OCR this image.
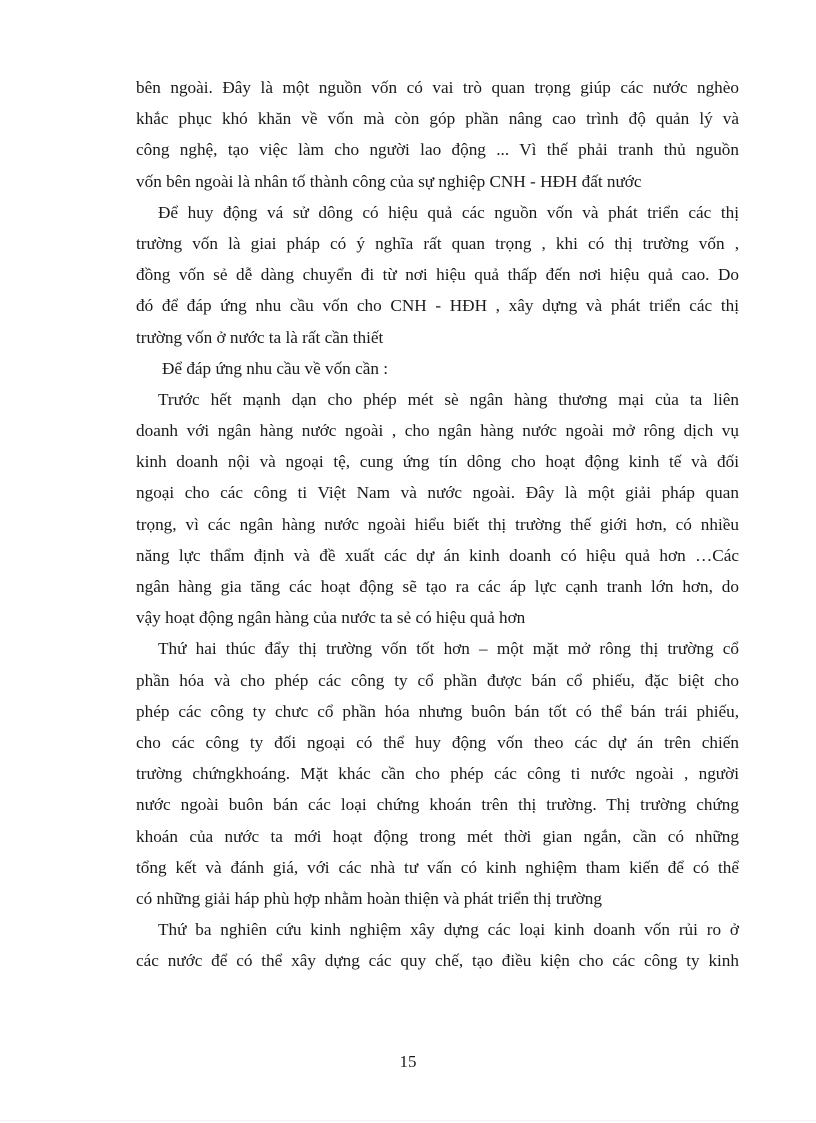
bên ngoài. Đây là một nguồn vốn có vai trò quan trọng giúp các nước nghèo
khắc phục khó khăn về vốn mà còn góp phần nâng cao trình độ quản lý và
công nghệ, tạo việc làm cho người lao động ... Vì thế phải tranh thủ nguồn
vốn bên ngoài là nhân tố thành công của sự nghiệp CNH - HĐH đất nước
Để huy động vá sử dông có hiệu quả các nguồn vốn và phát triển các thị
trường vốn là giai pháp có ý nghĩa rất quan trọng , khi có thị trường vốn ,
đồng vốn sẻ dễ dàng chuyển đi từ nơi hiệu quả thấp đến nơi hiệu quả cao. Do
đó để đáp ứng nhu cầu vốn cho CNH - HĐH , xây dựng và phát triển các thị
trường vốn ở nước ta là rất cần thiết
Để đáp ứng nhu cầu về vốn cần :
Trước hết mạnh dạn cho phép mét sè ngân hàng thương mại của ta liên
doanh với ngân hàng nước ngoài , cho ngân hàng nước ngoài mở rông dịch vụ
kinh doanh nội và ngoại tệ, cung ứng tín dông cho hoạt động kinh tế và đối
ngoại cho các công ti Việt Nam và nước ngoài. Đây là một giải pháp quan
trọng, vì các ngân hàng nước ngoài hiểu biết thị trường thế giới hơn, có nhiều
năng lực thẩm định và đề xuất các dự án kinh doanh có hiệu quả hơn …Các
ngân hàng gia tăng các hoạt động sẽ tạo ra các áp lực cạnh tranh lớn hơn, do
vậy hoạt động ngân hàng của nước ta sẻ có hiệu quả hơn
Thứ hai thúc đẩy thị trường vốn tốt hơn – một mặt mở rông thị trường cổ
phần hóa và cho phép các công ty cổ phần được bán cổ phiếu, đặc biệt cho
phép các công ty chưc cổ phần hóa nhưng buôn bán tốt có thể bán trái phiếu,
cho các công ty đối ngoại có thể huy động vốn theo các dự án trên chiến
trường chứngkhoáng. Mặt khác cần cho phép các công ti nước ngoài , người
nước ngoài buôn bán các loại chứng khoán trên thị trường. Thị trường chứng
khoán của nước ta mới hoạt động trong mét thời gian ngắn, cần có những
tổng kết và đánh giá, với các nhà tư vấn có kinh nghiệm tham kiến để có thể
có những giải háp phù hợp nhằm hoàn thiện và phát triển thị trường
Thứ ba nghiên cứu kinh nghiệm xây dựng các loại kinh doanh vốn rủi ro ở
các nước để có thể xây dựng các quy chế, tạo điều kiện cho các công ty kinh
15
